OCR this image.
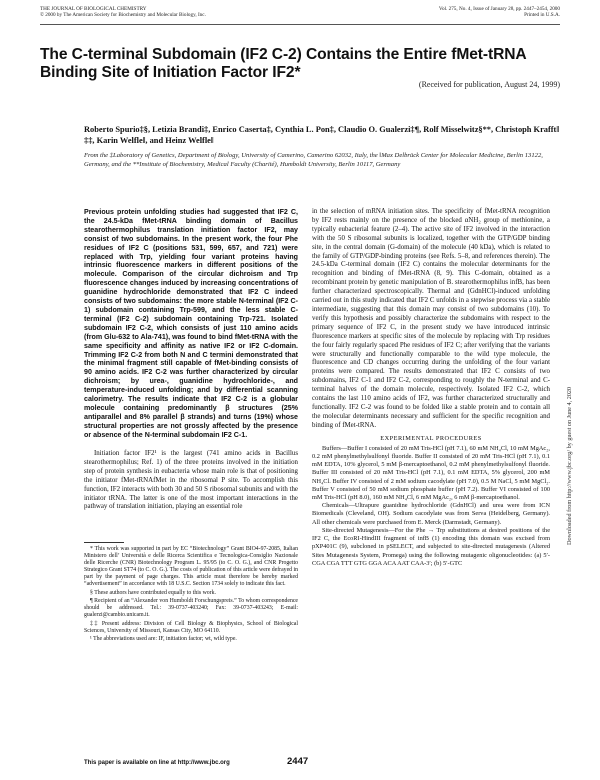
THE JOURNAL OF BIOLOGICAL CHEMISTRY
© 2000 by The American Society for Biochemistry and Molecular Biology, Inc.
Vol. 275, No. 4, Issue of January 28, pp. 2447–2454, 2000
Printed in U.S.A.
The C-terminal Subdomain (IF2 C-2) Contains the Entire fMet-tRNA Binding Site of Initiation Factor IF2*
(Received for publication, August 24, 1999)
Roberto Spurio‡§, Letizia Brandi‡, Enrico Caserta‡, Cynthia L. Pon‡, Claudio O. Gualerzi‡¶, Rolf Misselwitz§**, Christoph Krafft‖ ‡‡, Karin Welfle‖, and Heinz Welfle‖
From the ‡Laboratory of Genetics, Department of Biology, University of Camerino, Camerino 62032, Italy, the ‖Max Delbrück Center for Molecular Medicine, Berlin 13122, Germany, and the **Institute of Biochemistry, Medical Faculty (Charité), Humboldt University, Berlin 10117, Germany
Previous protein unfolding studies had suggested that IF2 C, the 24.5-kDa fMet-tRNA binding domain of Bacillus stearothermophilus translation initiation factor IF2, may consist of two subdomains. In the present work, the four Phe residues of IF2 C (positions 531, 599, 657, and 721) were replaced with Trp, yielding four variant proteins having intrinsic fluorescence markers in different positions of the molecule. Comparison of the circular dichroism and Trp fluorescence changes induced by increasing concentrations of guanidine hydrochloride demonstrated that IF2 C indeed consists of two subdomains: the more stable N-terminal (IF2 C-1) subdomain containing Trp-599, and the less stable C-terminal (IF2 C-2) subdomain containing Trp-721. Isolated subdomain IF2 C-2, which consists of just 110 amino acids (from Glu-632 to Ala-741), was found to bind fMet-tRNA with the same specificity and affinity as native IF2 or IF2 C-domain. Trimming IF2 C-2 from both N and C termini demonstrated that the minimal fragment still capable of fMet-binding consists of 90 amino acids. IF2 C-2 was further characterized by circular dichroism; by urea-, guanidine hydrochloride-, and temperature-induced unfolding; and by differential scanning calorimetry. The results indicate that IF2 C-2 is a globular molecule containing predominantly β structures (25% antiparallel and 8% parallel β strands) and turns (19%) whose structural properties are not grossly affected by the presence or absence of the N-terminal subdomain IF2 C-1.
Initiation factor IF2¹ is the largest (741 amino acids in Bacillus stearothermophilus; Ref. 1) of the three proteins involved in the initiation step of protein synthesis in eubacteria whose main role is that of positioning the initiator fMet-tRNAfMet in the ribosomal P site. To accomplish this function, IF2 interacts with both 30 and 50 S ribosomal subunits and with the initiator tRNA. The latter is one of the most important interactions in the pathway of translation initiation, playing an essential role

* This work was supported in part by EC “Biotechnology” Grant BIO4-97-2085, Italian Ministero dell’ Università e delle Ricerca Scientifica e Tecnologica-Consiglio Nazionale delle Ricerche (CNR) Biotechnology Program L. 95/95 (to C. O. G.), and CNR Progetto Strategico Grant ST74 (to C. O. G.). The costs of publication of this article were defrayed in part by the payment of page charges. This article must therefore be hereby marked “advertisement” in accordance with 18 U.S.C. Section 1734 solely to indicate this fact.

§ These authors have contributed equally to this work.

¶ Recipient of an “Alexander von Humboldt Forschungspreis.” To whom correspondence should be addressed. Tel.: 39-0737-403240; Fax: 39-0737-403243; E-mail: gualerzi@cambio.unicam.it.

‡‡ Present address: Division of Cell Biology & Biophysics, School of Biological Sciences, University of Missouri, Kansas City, MO 64110.

¹ The abbreviations used are: IF, initiation factor; wt, wild type.

in the selection of mRNA initiation sites. The specificity of fMet-tRNA recognition by IF2 rests mainly on the presence of the blocked αNH₂ group of methionine, a typically eubacterial feature (2–4). The active site of IF2 involved in the interaction with the 50 S ribosomal subunits is localized, together with the GTP/GDP binding site, in the central domain (G-domain) of the molecule (40 kDa), which is related to the family of GTP/GDP-binding proteins (see Refs. 5–8, and references therein). The 24.5-kDa C-terminal domain (IF2 C) contains the molecular determinants for the recognition and binding of fMet-tRNA (8, 9). This C-domain, obtained as a recombinant protein by genetic manipulation of B. stearothermophilus infB, has been further characterized spectroscopically. Thermal and (GdnHCl)-induced unfolding carried out in this study indicated that IF2 C unfolds in a stepwise process via a stable intermediate, suggesting that this domain may consist of two subdomains (10). To verify this hypothesis and possibly characterize the subdomains with respect to the primary sequence of IF2 C, in the present study we have introduced intrinsic fluorescence markers at specific sites of the molecule by replacing with Trp residues the four fairly regularly spaced Phe residues of IF2 C; after verifying that the variants were structurally and functionally comparable to the wild type molecule, the fluorescence and CD changes occurring during the unfolding of the four variant proteins were compared. The results demonstrated that IF2 C consists of two subdomains, IF2 C-1 and IF2 C-2, corresponding to roughly the N-terminal and C-terminal halves of the domain molecule, respectively. Isolated IF2 C-2, which contains the last 110 amino acids of IF2, was further characterized structurally and functionally. IF2 C-2 was found to be folded like a stable protein and to contain all the molecular determinants necessary and sufficient for the specific recognition and binding of fMet-tRNA.

EXPERIMENTAL PROCEDURES

Buffers—Buffer I consisted of 20 mM Tris-HCl (pH 7.1), 60 mM NH₄Cl, 10 mM MgAc₂, 0.2 mM phenylmethylsulfonyl fluoride. Buffer II consisted of 20 mM Tris-HCl (pH 7.1), 0.1 mM EDTA, 10% glycerol, 5 mM β-mercaptoethanol, 0.2 mM phenylmethylsulfonyl fluoride. Buffer III consisted of 20 mM Tris-HCl (pH 7.1), 0.1 mM EDTA, 5% glycerol, 200 mM NH₄Cl. Buffer IV consisted of 2 mM sodium cacodylate (pH 7.0), 0.5 M NaCl, 5 mM MgCl₂. Buffer V consisted of 50 mM sodium phosphate buffer (pH 7.2). Buffer VI consisted of 100 mM Tris-HCl (pH 8.0), 160 mM NH₄Cl, 6 mM MgAc₂, 6 mM β-mercaptoethanol.

Chemicals—Ultrapure guanidine hydrochloride (GdnHCl) and urea were from ICN Biomedicals (Cleveland, OH). Sodium cacodylate was from Serva (Heidelberg, Germany). All other chemicals were purchased from E. Merck (Darmstadt, Germany).

Site-directed Mutagenesis—For the Phe → Trp substitutions at desired positions of the IF2 C, the EcoRI-HindIII fragment of infB (1) encoding this domain was excised from pXP401C (9), subcloned in pSELECT, and subjected to site-directed mutagenesis (Altered Sites Mutagenesis System, Promega) using the following mutagenic oligonucleotides: (a) 5′-CGA CGA TTT GTG GGA ACA AAT CAA-3′; (b) 5′-GTC

Downloaded from http://www.jbc.org/ by guest on June 4, 2020
This paper is available on line at http://www.jbc.org	2447
